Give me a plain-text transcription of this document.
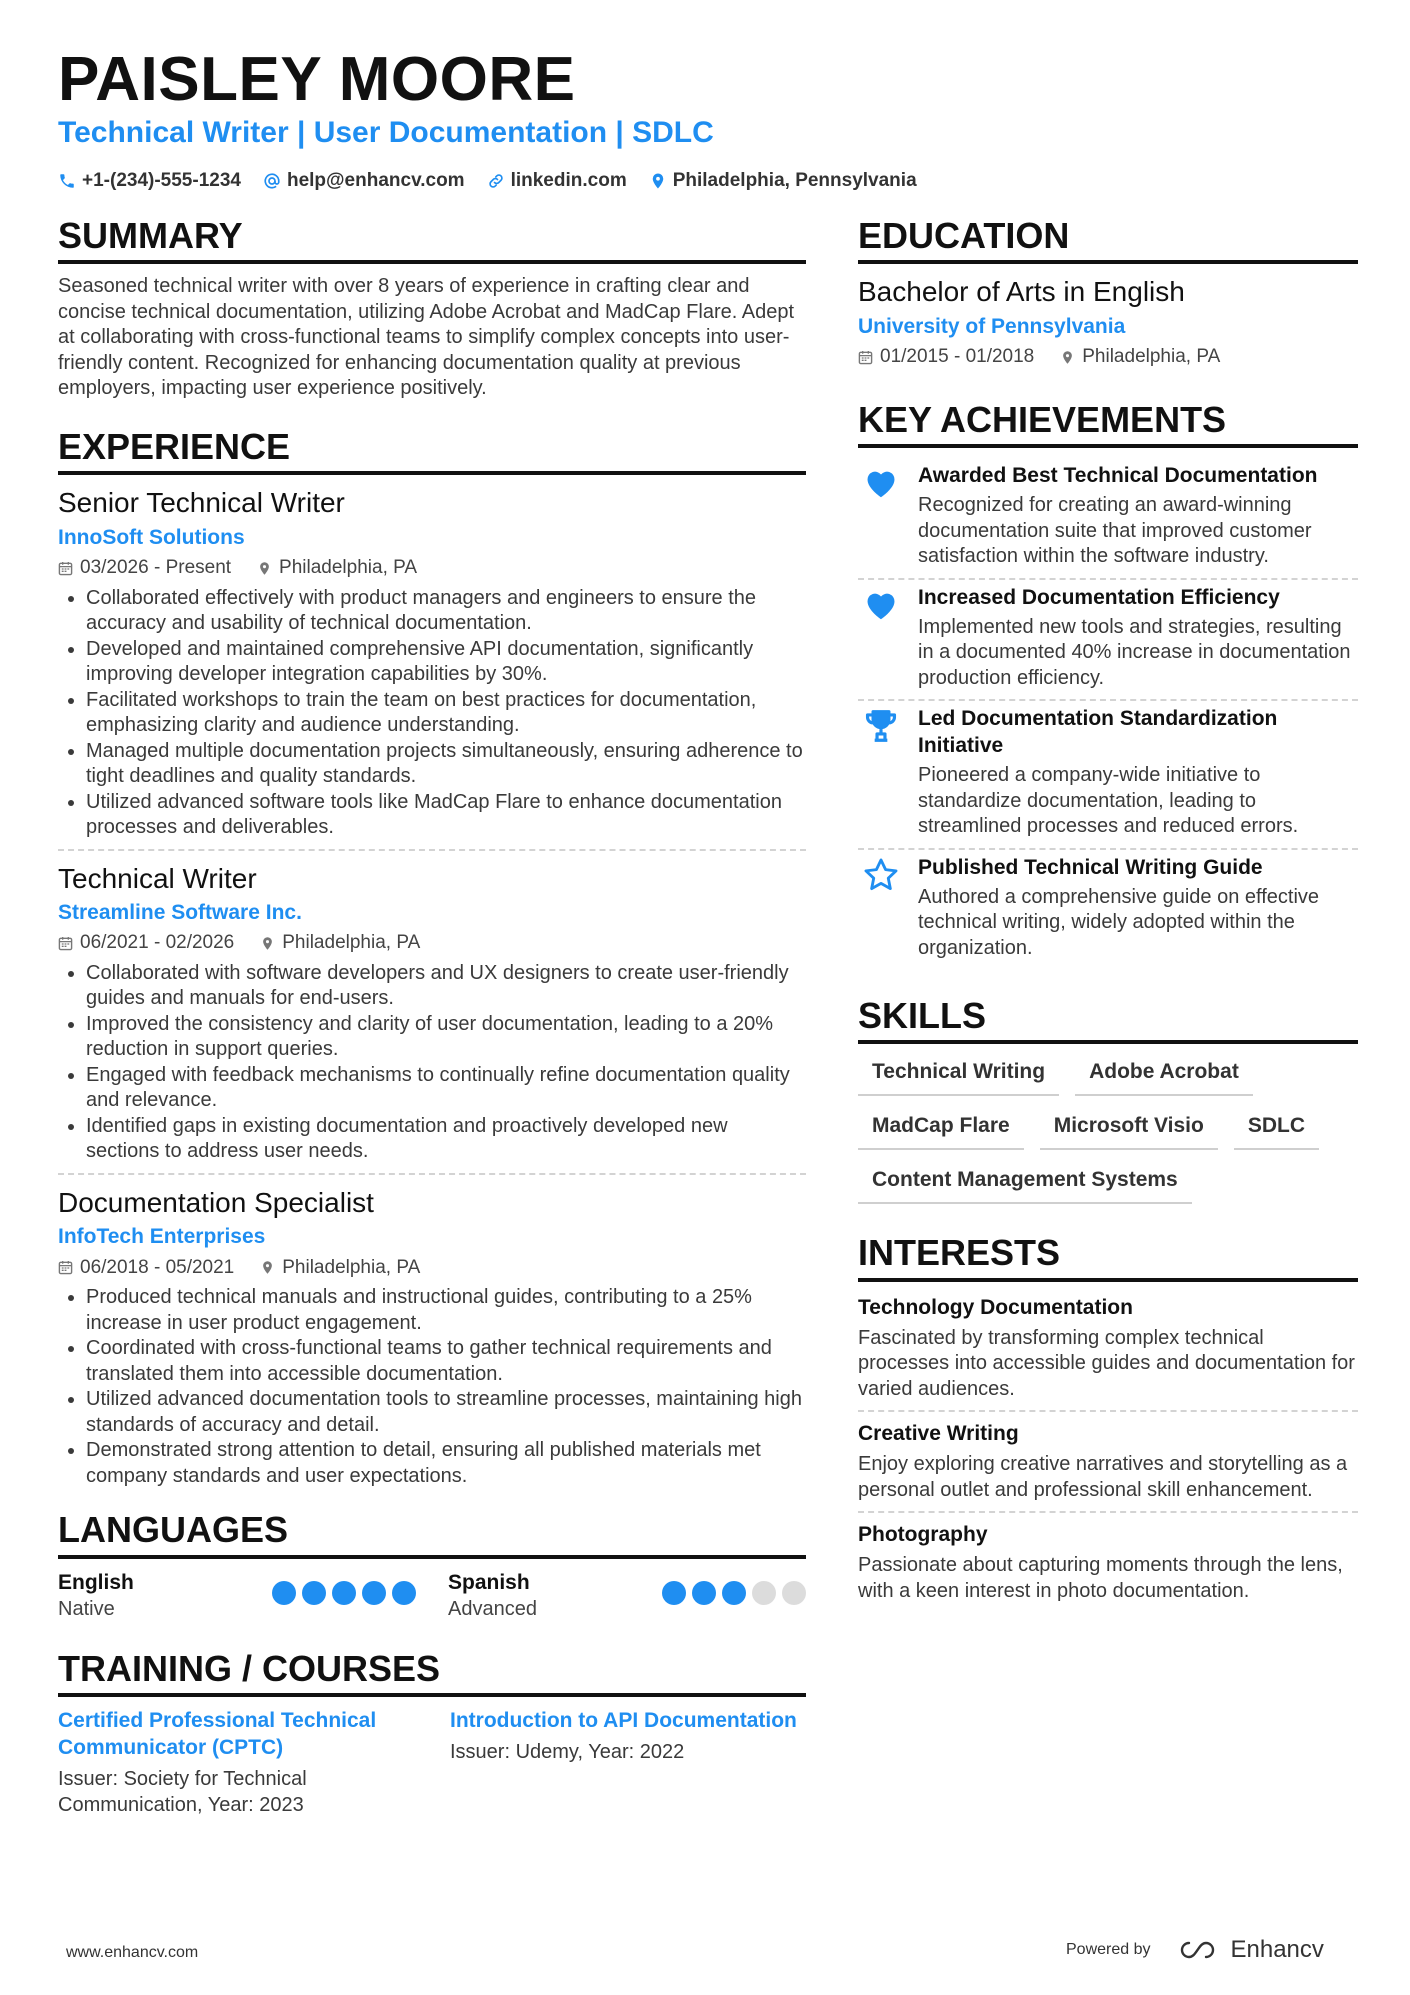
PAISLEY MOORE
Technical Writer | User Documentation | SDLC
+1-(234)-555-1234 help@enhancv.com linkedin.com Philadelphia, Pennsylvania
SUMMARY
Seasoned technical writer with over 8 years of experience in crafting clear and concise technical documentation, utilizing Adobe Acrobat and MadCap Flare. Adept at collaborating with cross-functional teams to simplify complex concepts into user-friendly content. Recognized for enhancing documentation quality at previous employers, impacting user experience positively.
EXPERIENCE
Senior Technical Writer
InnoSoft Solutions
03/2026 - Present	Philadelphia, PA
• Collaborated effectively with product managers and engineers to ensure the accuracy and usability of technical documentation.
• Developed and maintained comprehensive API documentation, significantly improving developer integration capabilities by 30%.
• Facilitated workshops to train the team on best practices for documentation, emphasizing clarity and audience understanding.
• Managed multiple documentation projects simultaneously, ensuring adherence to tight deadlines and quality standards.
• Utilized advanced software tools like MadCap Flare to enhance documentation processes and deliverables.
Technical Writer
Streamline Software Inc.
06/2021 - 02/2026	Philadelphia, PA
• Collaborated with software developers and UX designers to create user-friendly guides and manuals for end-users.
• Improved the consistency and clarity of user documentation, leading to a 20% reduction in support queries.
• Engaged with feedback mechanisms to continually refine documentation quality and relevance.
• Identified gaps in existing documentation and proactively developed new sections to address user needs.
Documentation Specialist
InfoTech Enterprises
06/2018 - 05/2021	Philadelphia, PA
• Produced technical manuals and instructional guides, contributing to a 25% increase in user product engagement.
• Coordinated with cross-functional teams to gather technical requirements and translated them into accessible documentation.
• Utilized advanced documentation tools to streamline processes, maintaining high standards of accuracy and detail.
• Demonstrated strong attention to detail, ensuring all published materials met company standards and user expectations.
LANGUAGES
English
Native
Spanish
Advanced
TRAINING / COURSES
Certified Professional Technical Communicator (CPTC)
Issuer: Society for Technical Communication, Year: 2023
Introduction to API Documentation
Issuer: Udemy, Year: 2022
EDUCATION
Bachelor of Arts in English
University of Pennsylvania
01/2015 - 01/2018	Philadelphia, PA
KEY ACHIEVEMENTS
Awarded Best Technical Documentation
Recognized for creating an award-winning documentation suite that improved customer satisfaction within the software industry.
Increased Documentation Efficiency
Implemented new tools and strategies, resulting in a documented 40% increase in documentation production efficiency.
Led Documentation Standardization Initiative
Pioneered a company-wide initiative to standardize documentation, leading to streamlined processes and reduced errors.
Published Technical Writing Guide
Authored a comprehensive guide on effective technical writing, widely adopted within the organization.
SKILLS
Technical Writing	Adobe Acrobat
MadCap Flare	Microsoft Visio	SDLC
Content Management Systems
INTERESTS
Technology Documentation
Fascinated by transforming complex technical processes into accessible guides and documentation for varied audiences.
Creative Writing
Enjoy exploring creative narratives and storytelling as a personal outlet and professional skill enhancement.
Photography
Passionate about capturing moments through the lens, with a keen interest in photo documentation.
www.enhancv.com	Powered by	Enhancv
